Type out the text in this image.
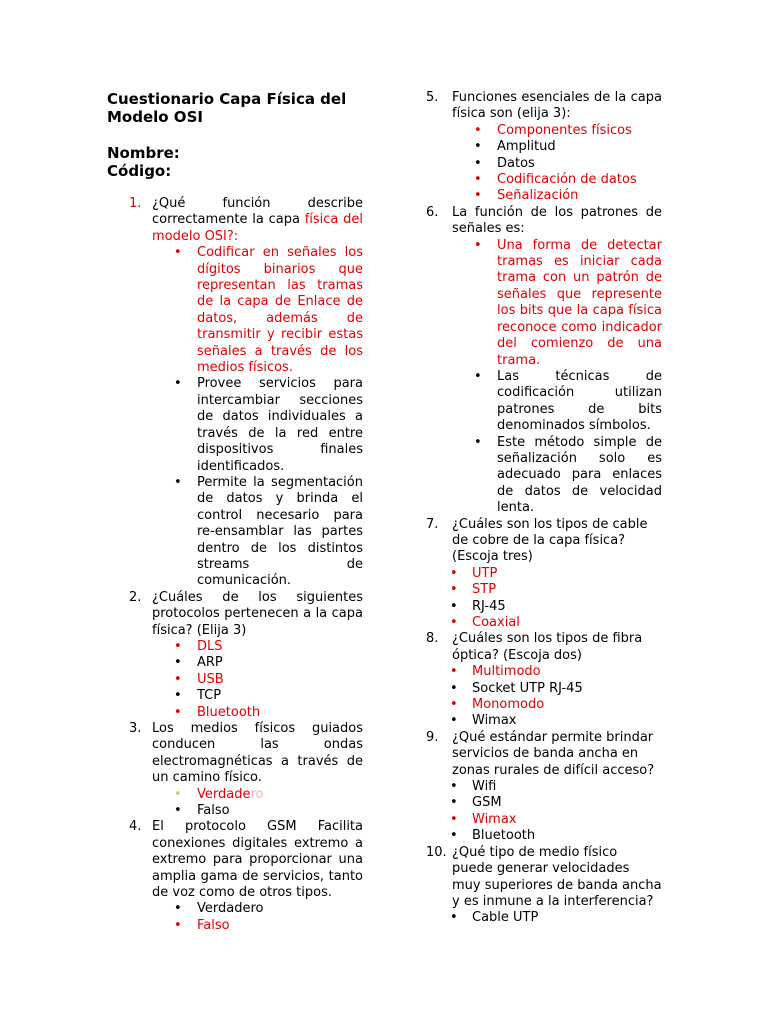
Cuestionario Capa Física del
Modelo OSI
Nombre:
Código:
1. ¿Qué función describe correctamente la capa física del modelo OSI?:
• Codificar en señales los dígitos binarios que representan las tramas de la capa de Enlace de datos, además de transmitir y recibir estas señales a través de los medios físicos.
• Provee servicios para intercambiar secciones de datos individuales a través de la red entre dispositivos finales identificados.
• Permite la segmentación de datos y brinda el control necesario para re-ensamblar las partes dentro de los distintos streams de comunicación.
2. ¿Cuáles de los siguientes protocolos pertenecen a la capa física? (Elija 3)
• DLS
• ARP
• USB
• TCP
• Bluetooth
3. Los medios físicos guiados conducen las ondas electromagnéticas a través de un camino físico.
• Verdadero
• Falso
4. El protocolo GSM Facilita conexiones digitales extremo a extremo para proporcionar una amplia gama de servicios, tanto de voz como de otros tipos.
• Verdadero
• Falso
5. Funciones esenciales de la capa física son (elija 3):
• Componentes físicos
• Amplitud
• Datos
• Codificación de datos
• Señalización
6. La función de los patrones de señales es:
• Una forma de detectar tramas es iniciar cada trama con un patrón de señales que represente los bits que la capa física reconoce como indicador del comienzo de una trama.
• Las técnicas de codificación utilizan patrones de bits denominados símbolos.
• Este método simple de señalización solo es adecuado para enlaces de datos de velocidad lenta.
7. ¿Cuáles son los tipos de cable de cobre de la capa física? (Escoja tres)
• UTP
• STP
• RJ-45
• Coaxial
8. ¿Cuáles son los tipos de fibra óptica? (Escoja dos)
• Multimodo
• Socket UTP RJ-45
• Monomodo
• Wimax
9. ¿Qué estándar permite brindar servicios de banda ancha en zonas rurales de difícil acceso?
• Wifi
• GSM
• Wimax
• Bluetooth
10. ¿Qué tipo de medio físico puede generar velocidades muy superiores de banda ancha y es inmune a la interferencia?
• Cable UTP
